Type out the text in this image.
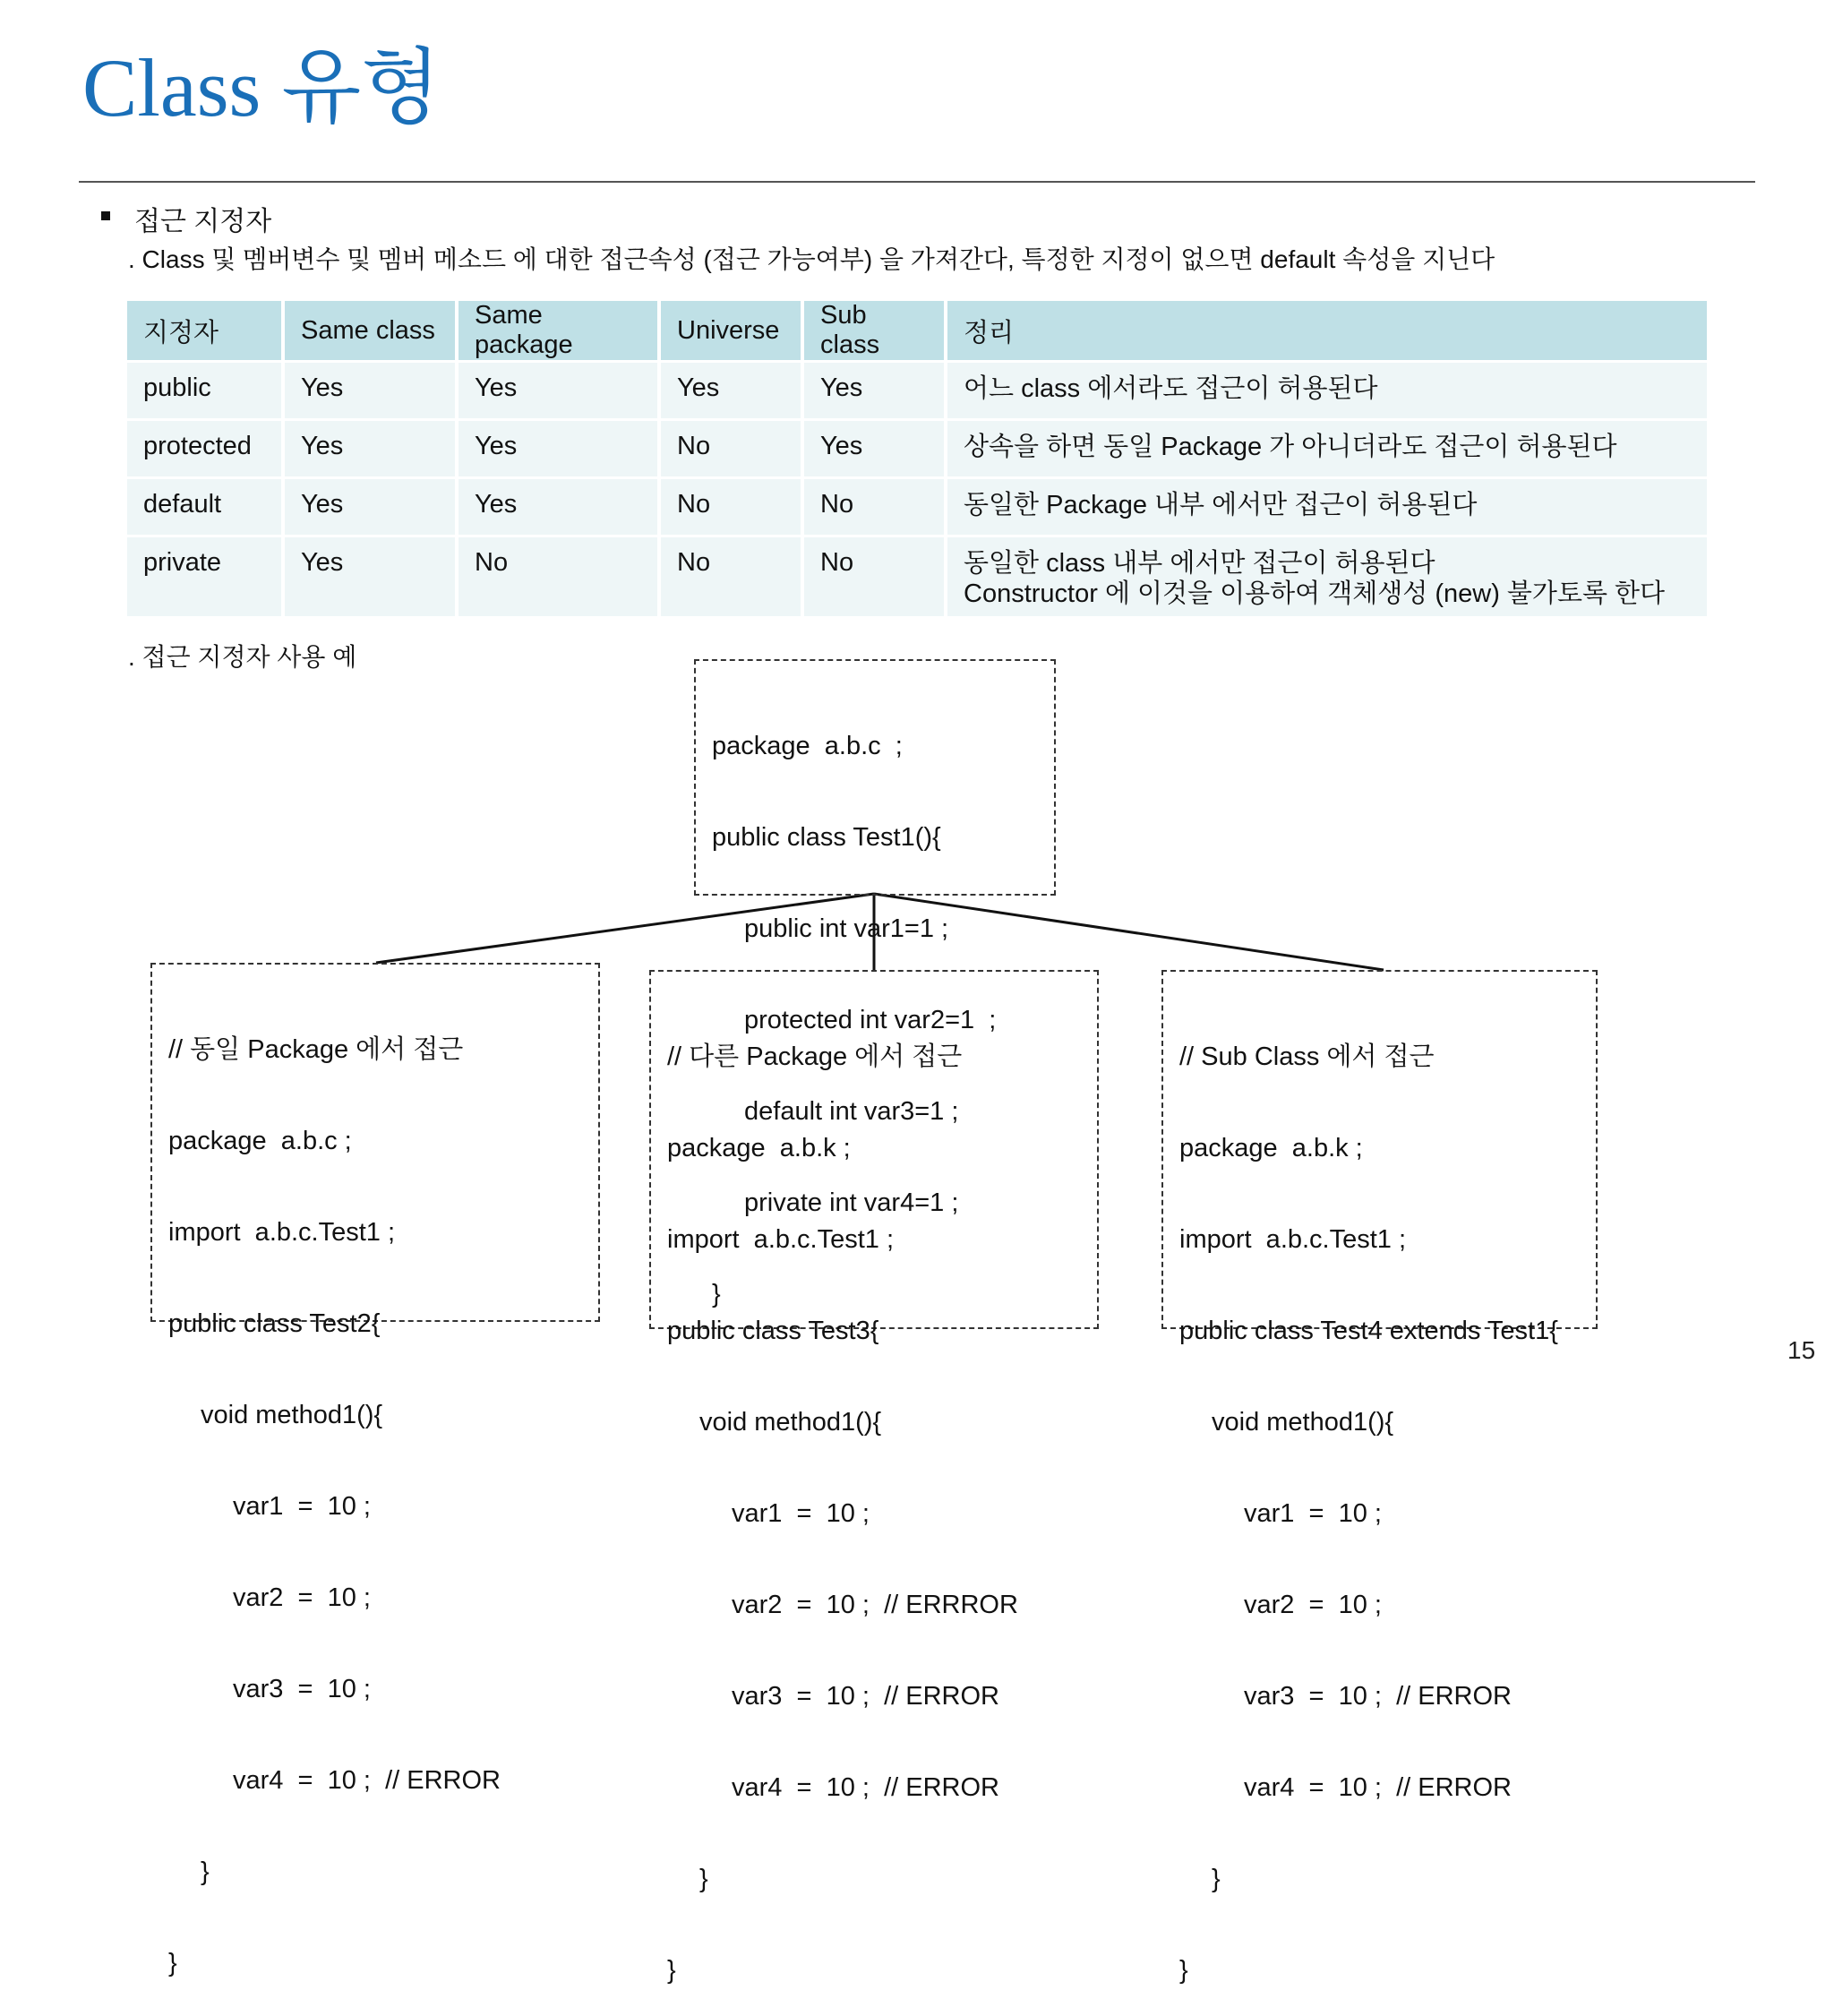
Class 유형
접근 지정자
. Class 및 멤버변수 및 멤버 메소드 에 대한 접근속성 (접근 가능여부) 을 가져간다, 특정한 지정이 없으면 default 속성을 지닌다
지정자	Same class	Same package	Universe	Sub class	정리
public	Yes	Yes	Yes	Yes	어느 class 에서라도 접근이 허용된다

protected	Yes	Yes	No	Yes	상속을 하면 동일 Package 가 아니더라도 접근이 허용된다

default	Yes	Yes	No	No	동일한 Package 내부 에서만 접근이 허용된다

private	Yes	No	No	No	동일한 class 내부 에서만 접근이 허용된다
Constructor 에 이것을 이용하여 객체생성 (new) 불가토록 한다
. 접근 지정자 사용 예

package  a.b.c  ;

public class Test1(){

public int var1=1 ;

protected int var2=1  ;

default int var3=1 ;

private int var4=1 ;

}

// 동일 Package 에서 접근

package  a.b.c ;

import  a.b.c.Test1 ;

public class Test2{

void method1(){

var1  =  10 ;

var2  =  10 ;

var3  =  10 ;

var4  =  10 ;  // ERROR

}

}

// 다른 Package 에서 접근

package  a.b.k ;

import  a.b.c.Test1 ;

public class Test3{

void method1(){

var1  =  10 ;

var2  =  10 ;  // ERRROR

var3  =  10 ;  // ERROR

var4  =  10 ;  // ERROR

}

}

// Sub Class 에서 접근

package  a.b.k ;

import  a.b.c.Test1 ;

public class Test4 extends Test1{

void method1(){

var1  =  10 ;

var2  =  10 ;

var3  =  10 ;  // ERROR

var4  =  10 ;  // ERROR

}

}

15
